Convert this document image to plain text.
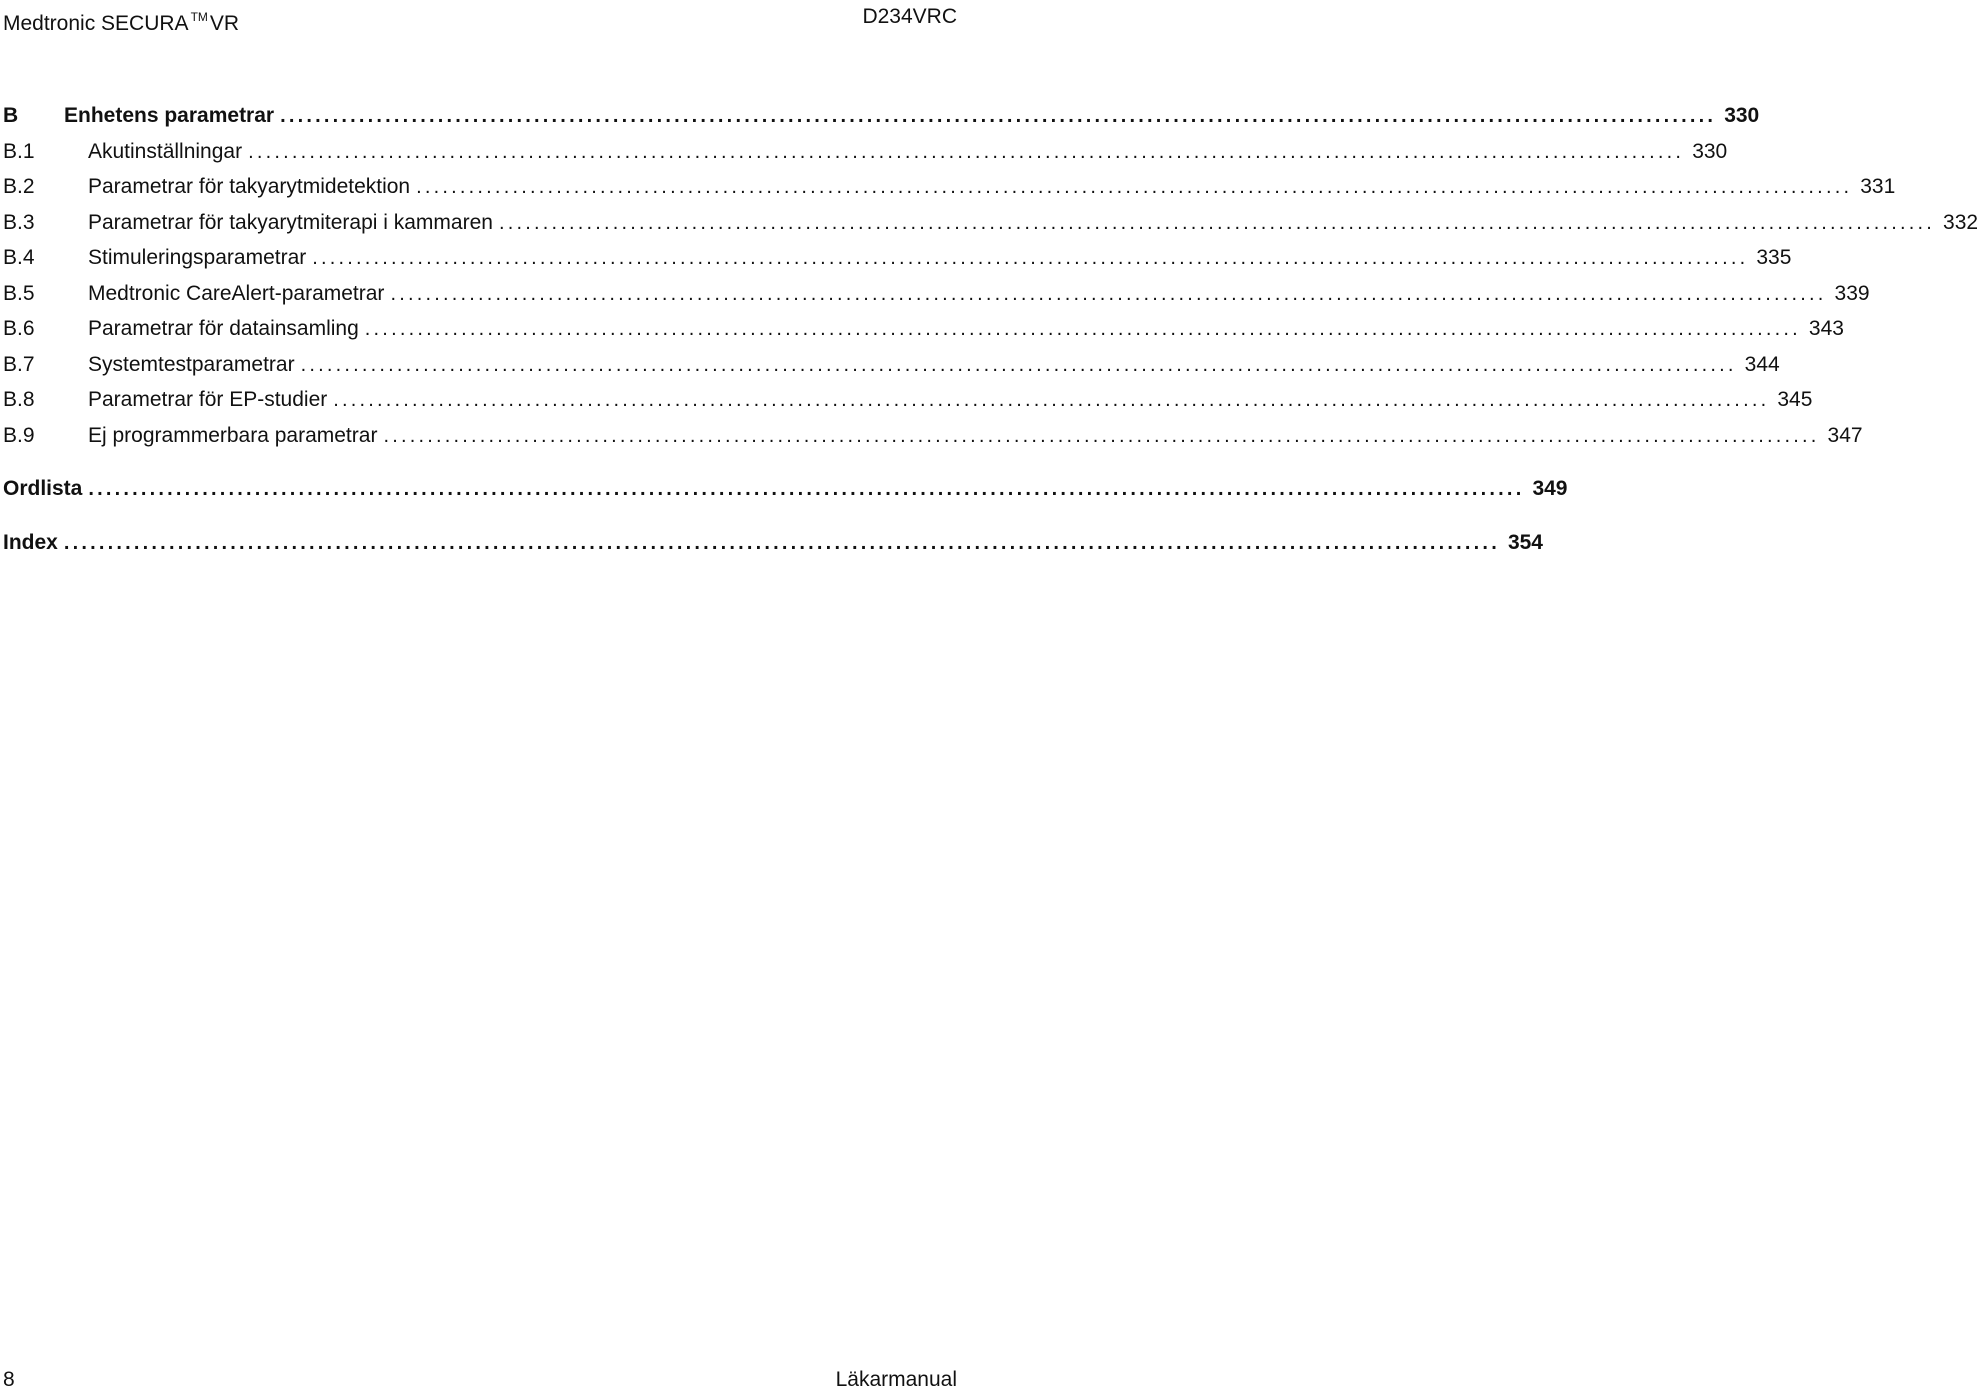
Medtronic SECURA ™VR	D234VRC
B	Enhetens parametrar .................................................................................................................................................................... 330
B.1	Akutinställningar .................................................................................................................................................................... 330
B.2	Parametrar för takyarytmidetektion .................................................................................................................................................................... 331
B.3	Parametrar för takyarytmiterapi i kammaren .................................................................................................................................................................... 332
B.4	Stimuleringsparametrar .................................................................................................................................................................... 335
B.5	Medtronic CareAlert-parametrar .................................................................................................................................................................... 339
B.6	Parametrar för datainsamling .................................................................................................................................................................... 343
B.7	Systemtestparametrar .................................................................................................................................................................... 344
B.8	Parametrar för EP-studier .................................................................................................................................................................... 345
B.9	Ej programmerbara parametrar .................................................................................................................................................................... 347
Ordlista .................................................................................................................................................................... 349
Index .................................................................................................................................................................... 354
8	Läkarmanual
